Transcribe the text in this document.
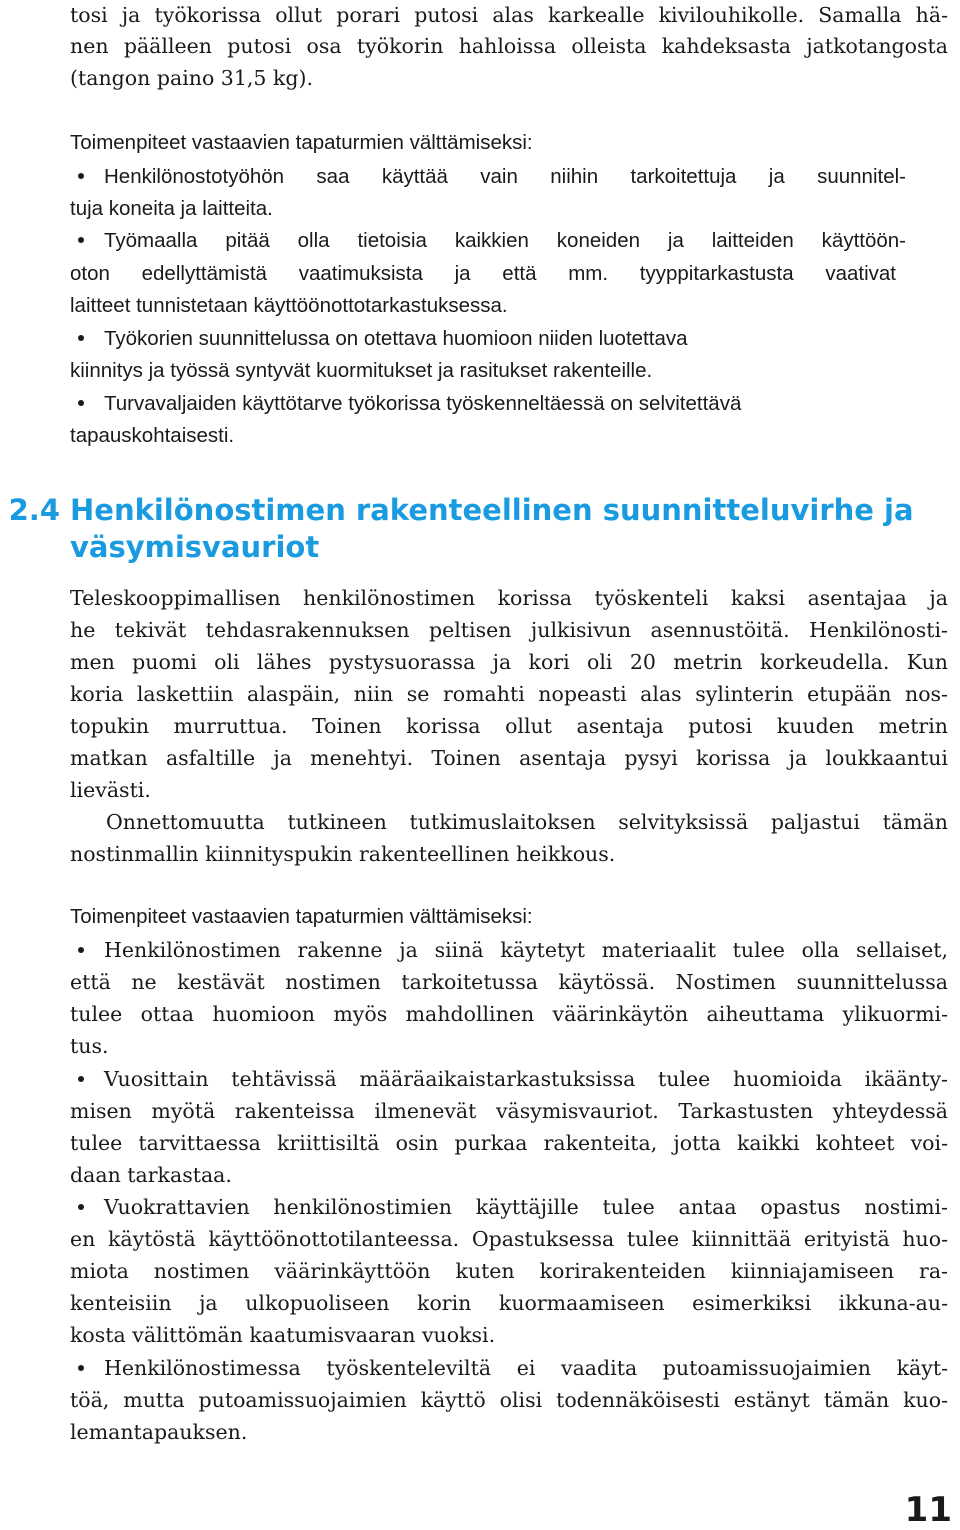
tosi ja työkorissa ollut porari putosi alas karkealle kivilouhikolle. Samalla hä-
nen päälleen putosi osa työkorin hahloissa olleista kahdeksasta jatkotangosta
(tangon paino 31,5 kg).
Toimenpiteet vastaavien tapaturmien välttämiseksi:
Henkilönostotyöhön saa käyttää vain niihin tarkoitettuja ja suunnitel-
tuja koneita ja laitteita.
Työmaalla pitää olla tietoisia kaikkien koneiden ja laitteiden käyttöön-
oton edellyttämistä vaatimuksista ja että mm. tyyppitarkastusta vaativat
laitteet tunnistetaan käyttöönottotarkastuksessa.
Työkorien suunnittelussa on otettava huomioon niiden luotettava
kiinnitys ja työssä syntyvät kuormitukset ja rasitukset rakenteille.
Turvavaljaiden käyttötarve työkorissa työskenneltäessä on selvitettävä
tapauskohtaisesti.
2.4 Henkilönostimen rakenteellinen suunnitteluvirhe ja
väsymisvauriot
Teleskooppimallisen henkilönostimen korissa työskenteli kaksi asentajaa ja
he tekivät tehdasrakennuksen peltisen julkisivun asennustöitä. Henkilönosti-
men puomi oli lähes pystysuorassa ja kori oli 20 metrin korkeudella. Kun
koria laskettiin alaspäin, niin se romahti nopeasti alas sylinterin etupään nos-
topukin murruttua. Toinen korissa ollut asentaja putosi kuuden metrin
matkan asfaltille ja menehtyi. Toinen asentaja pysyi korissa ja loukkaantui
lievästi.
Onnettomuutta tutkineen tutkimuslaitoksen selvityksissä paljastui tämän
nostinmallin kiinnityspukin rakenteellinen heikkous.
Toimenpiteet vastaavien tapaturmien välttämiseksi:
Henkilönostimen rakenne ja siinä käytetyt materiaalit tulee olla sellaiset,
että ne kestävät nostimen tarkoitetussa käytössä. Nostimen suunnittelussa
tulee ottaa huomioon myös mahdollinen väärinkäytön aiheuttama ylikuormi-
tus.
Vuosittain tehtävissä määräaikaistarkastuksissa tulee huomioida ikäänty-
misen myötä rakenteissa ilmenevät väsymisvauriot. Tarkastusten yhteydessä
tulee tarvittaessa kriittisiltä osin purkaa rakenteita, jotta kaikki kohteet voi-
daan tarkastaa.
Vuokrattavien henkilönostimien käyttäjille tulee antaa opastus nostimi-
en käytöstä käyttöönottotilanteessa. Opastuksessa tulee kiinnittää erityistä huo-
miota nostimen väärinkäyttöön kuten korirakenteiden kiinniajamiseen ra-
kenteisiin ja ulkopuoliseen korin kuormaamiseen esimerkiksi ikkuna-au-
kosta välittömän kaatumisvaaran vuoksi.
Henkilönostimessa työskenteleviltä ei vaadita putoamissuojaimien käyt-
töä, mutta putoamissuojaimien käyttö olisi todennäköisesti estänyt tämän kuo-
lemantapauksen.
11
